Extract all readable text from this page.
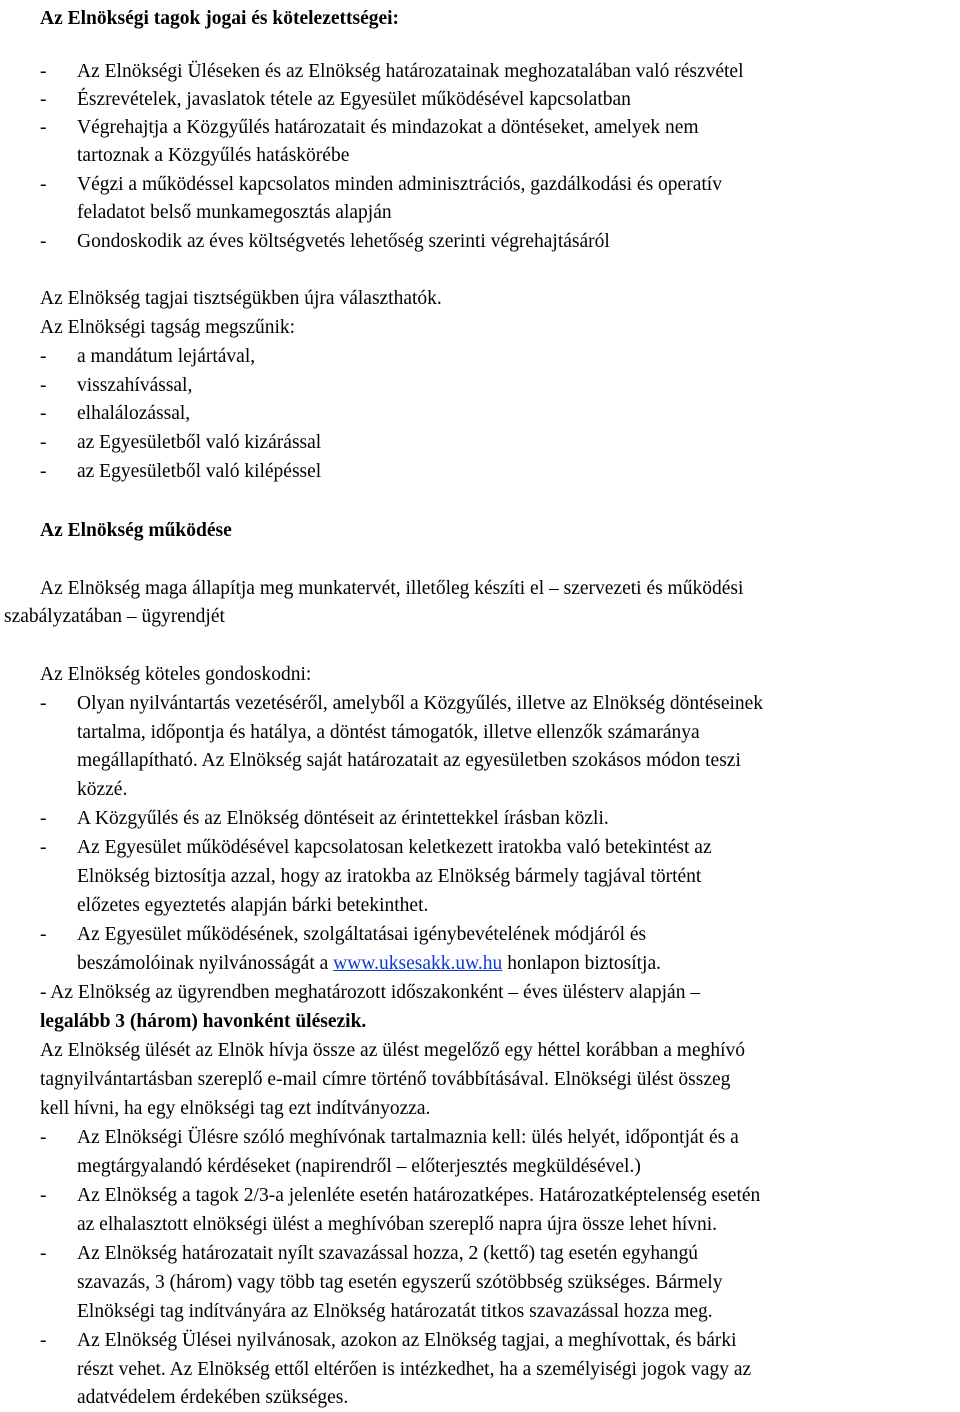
Az Elnökségi tagok jogai és kötelezettségei:
- Az Elnökségi Üléseken és az Elnökség határozatainak meghozatalában való részvétel
- Észrevételek, javaslatok tétele az Egyesület működésével kapcsolatban
- Végrehajtja a Közgyűlés határozatait és mindazokat a döntéseket, amelyek nem
tartoznak a Közgyűlés hatáskörébe
- Végzi a működéssel kapcsolatos minden adminisztrációs, gazdálkodási és operatív
feladatot belső munkamegosztás alapján
- Gondoskodik az éves költségvetés lehetőség szerinti végrehajtásáról
Az Elnökség tagjai tisztségükben újra választhatók.
Az Elnökségi tagság megszűnik:
- a mandátum lejártával,
- visszahívással,
- elhalálozással,
- az Egyesületből való kizárással
- az Egyesületből való kilépéssel
Az Elnökség működése
Az Elnökség maga állapítja meg munkatervét, illetőleg készíti el – szervezeti és működési
szabályzatában – ügyrendjét
Az Elnökség köteles gondoskodni:
- Olyan nyilvántartás vezetéséről, amelyből a Közgyűlés, illetve az Elnökség döntéseinek
tartalma, időpontja és hatálya, a döntést támogatók, illetve ellenzők számaránya
megállapítható. Az Elnökség saját határozatait az egyesületben szokásos módon teszi
közzé.
- A Közgyűlés és az Elnökség döntéseit az érintettekkel írásban közli.
- Az Egyesület működésével kapcsolatosan keletkezett iratokba való betekintést az
Elnökség biztosítja azzal, hogy az iratokba az Elnökség bármely tagjával történt
előzetes egyeztetés alapján bárki betekinthet.
- Az Egyesület működésének, szolgáltatásai igénybevételének módjáról és
beszámolóinak nyilvánosságát a www.uksesakk.uw.hu honlapon biztosítja.
- Az Elnökség az ügyrendben meghatározott időszakonként – éves ülésterv alapján –
legalább 3 (három) havonként ülésezik.
Az Elnökség ülését az Elnök hívja össze az ülést megelőző egy héttel korábban a meghívó
tagnyilvántartásban szereplő e-mail címre történő továbbításával. Elnökségi ülést összeg
kell hívni, ha egy elnökségi tag ezt indítványozza.
- Az Elnökségi Ülésre szóló meghívónak tartalmaznia kell: ülés helyét, időpontját és a
megtárgyalandó kérdéseket (napirendről – előterjesztés megküldésével.)
- Az Elnökség a tagok 2/3-a jelenléte esetén határozatképes. Határozatképtelenség esetén
az elhalasztott elnökségi ülést a meghívóban szereplő napra újra össze lehet hívni.
- Az Elnökség határozatait nyílt szavazással hozza, 2 (kettő) tag esetén egyhangú
szavazás, 3 (három) vagy több tag esetén egyszerű szótöbbség szükséges. Bármely
Elnökségi tag indítványára az Elnökség határozatát titkos szavazással hozza meg.
- Az Elnökség Ülései nyilvánosak, azokon az Elnökség tagjai, a meghívottak, és bárki
részt vehet. Az Elnökség ettől eltérően is intézkedhet, ha a személyiségi jogok vagy az
adatvédelem érdekében szükséges.
